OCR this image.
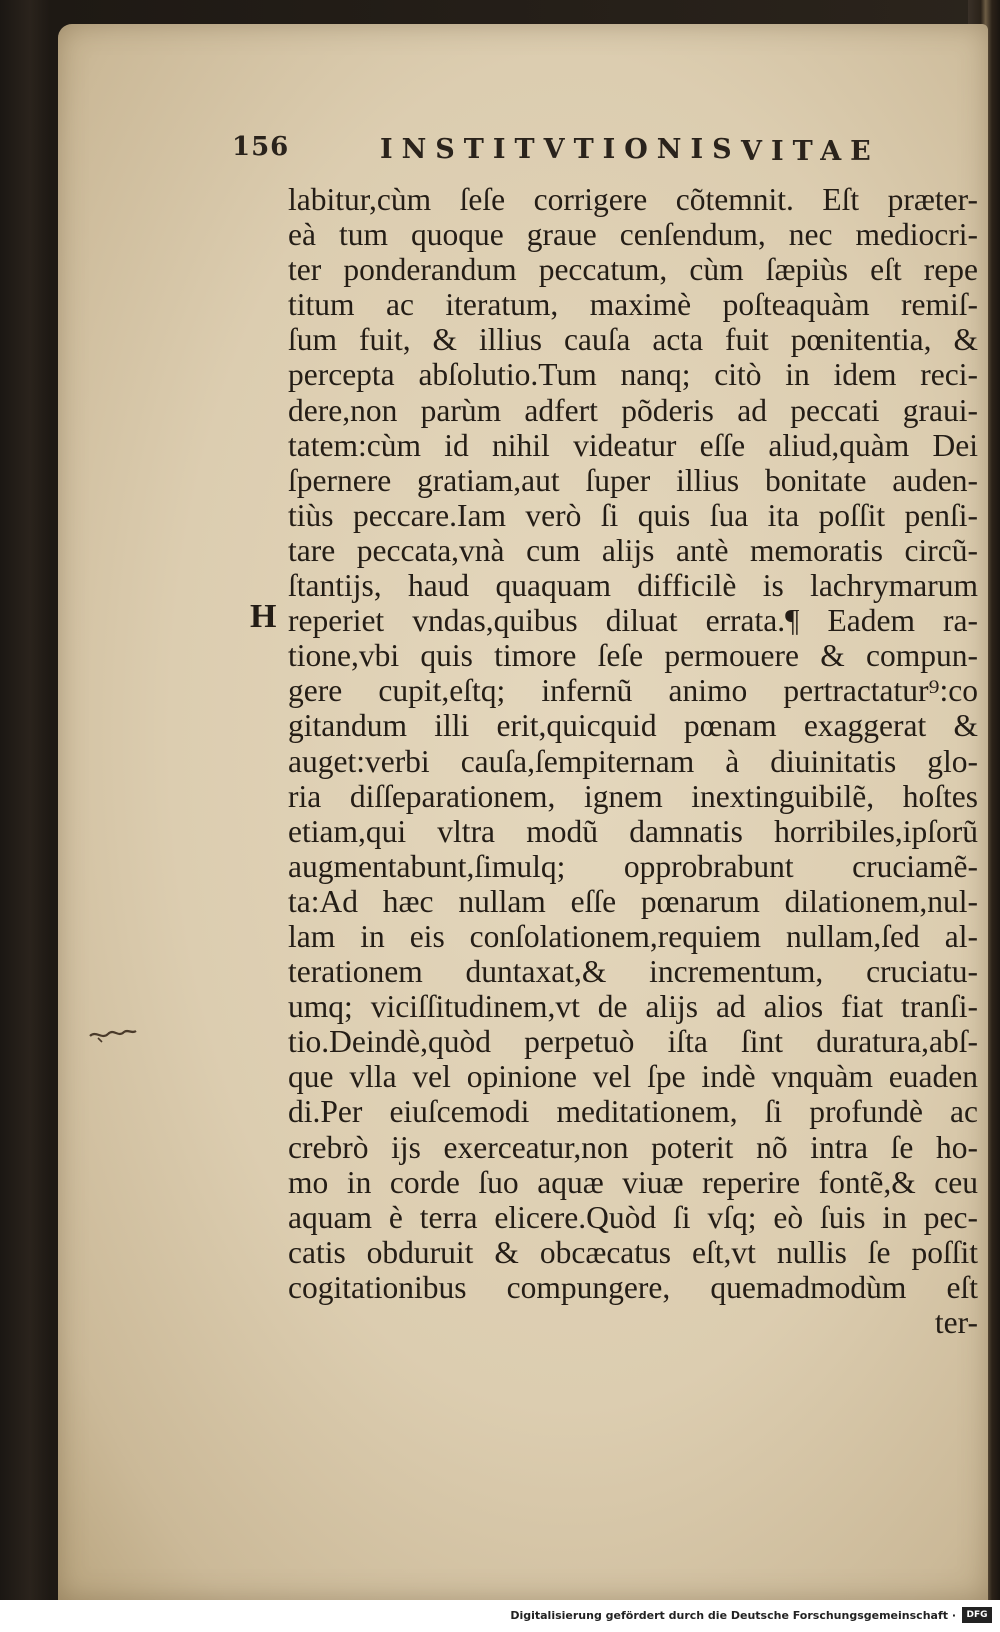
156	INSTITVTIONIS VITAE
H
labitur,cùm ſeſe corrigere cõtemnit. Eſt præter-
eà tum quoque graue cenſendum, nec mediocri-
ter ponderandum peccatum, cùm ſæpiùs eſt repe
titum ac iteratum, maximè poſteaquàm remiſ-
ſum fuit, & illius cauſa acta fuit pœnitentia, &
percepta abſolutio.Tum nanq; citò in idem reci-
dere,non parùm adfert põderis ad peccati graui-
tatem:cùm id nihil videatur eſſe aliud,quàm Dei
ſpernere gratiam,aut ſuper illius bonitate auden-
tiùs peccare.Iam verò ſi quis ſua ita poſſit penſi-
tare peccata,vnà cum alijs antè memoratis circũ-
ſtantijs, haud quaquam difficilè is lachrymarum
reperiet vndas,quibus diluat errata.¶ Eadem ra-
tione,vbi quis timore ſeſe permouere & compun-
gere cupit,eſtq; infernũ animo pertractatur⁹:co
gitandum illi erit,quicquid pœnam exaggerat &
auget:verbi cauſa,ſempiternam à diuinitatis glo-
ria diſſeparationem, ignem inextinguibilẽ, hoſtes
etiam,qui vltra modũ damnatis horribiles,ipſorũ
augmentabunt,ſimulq; opprobrabunt cruciamẽ-
ta:Ad hæc nullam eſſe pœnarum dilationem,nul-
lam in eis conſolationem,requiem nullam,ſed al-
terationem duntaxat,& incrementum, cruciatu-
umq; viciſſitudinem,vt de alijs ad alios fiat tranſi-
tio.Deindè,quòd perpetuò iſta ſint duratura,abſ-
que vlla vel opinione vel ſpe indè vnquàm euaden
di.Per eiuſcemodi meditationem, ſi profundè ac
crebrò ijs exerceatur,non poterit nõ intra ſe ho-
mo in corde ſuo aquæ viuæ reperire fontẽ,& ceu
aquam è terra elicere.Quòd ſi vſq; eò ſuis in pec-
catis obduruit & obcæcatus eſt,vt nullis ſe poſſit
cogitationibus compungere, quemadmodùm eſt
ter-
Digitalisierung gefördert durch die Deutsche Forschungsgemeinschaft ·	DFG
